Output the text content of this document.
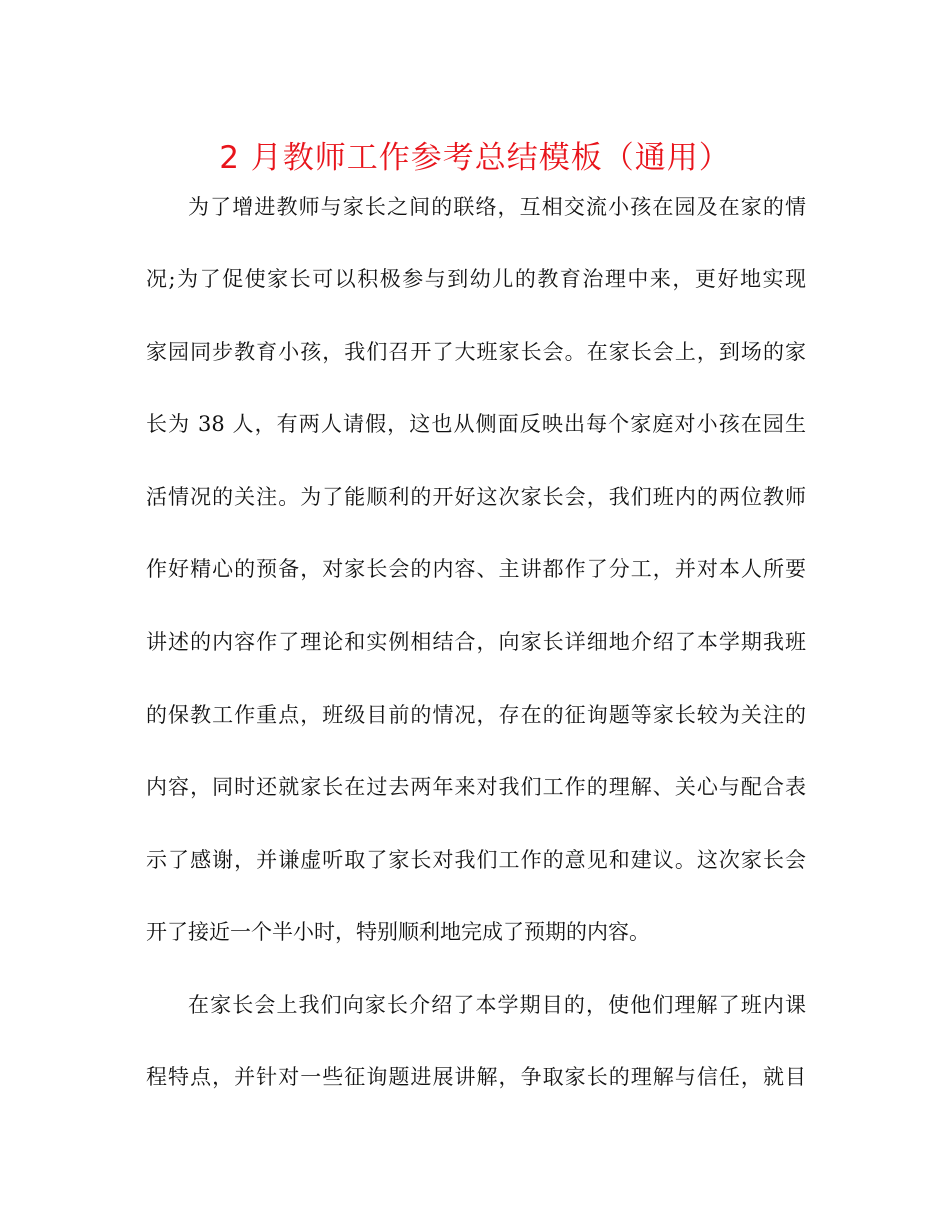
2 月教师工作参考总结模板（通用）
为了增进教师与家长之间的联络，互相交流小孩在园及在家的情
况;为了促使家长可以积极参与到幼儿的教育治理中来，更好地实现
家园同步教育小孩，我们召开了大班家长会。在家长会上，到场的家
长为 38 人，有两人请假，这也从侧面反映出每个家庭对小孩在园生
活情况的关注。为了能顺利的开好这次家长会，我们班内的两位教师
作好精心的预备，对家长会的内容、主讲都作了分工，并对本人所要
讲述的内容作了理论和实例相结合，向家长详细地介绍了本学期我班
的保教工作重点，班级目前的情况，存在的征询题等家长较为关注的
内容，同时还就家长在过去两年来对我们工作的理解、关心与配合表
示了感谢，并谦虚听取了家长对我们工作的意见和建议。这次家长会
开了接近一个半小时，特别顺利地完成了预期的内容。
在家长会上我们向家长介绍了本学期目的，使他们理解了班内课
程特点，并针对一些征询题进展讲解，争取家长的理解与信任，就目
